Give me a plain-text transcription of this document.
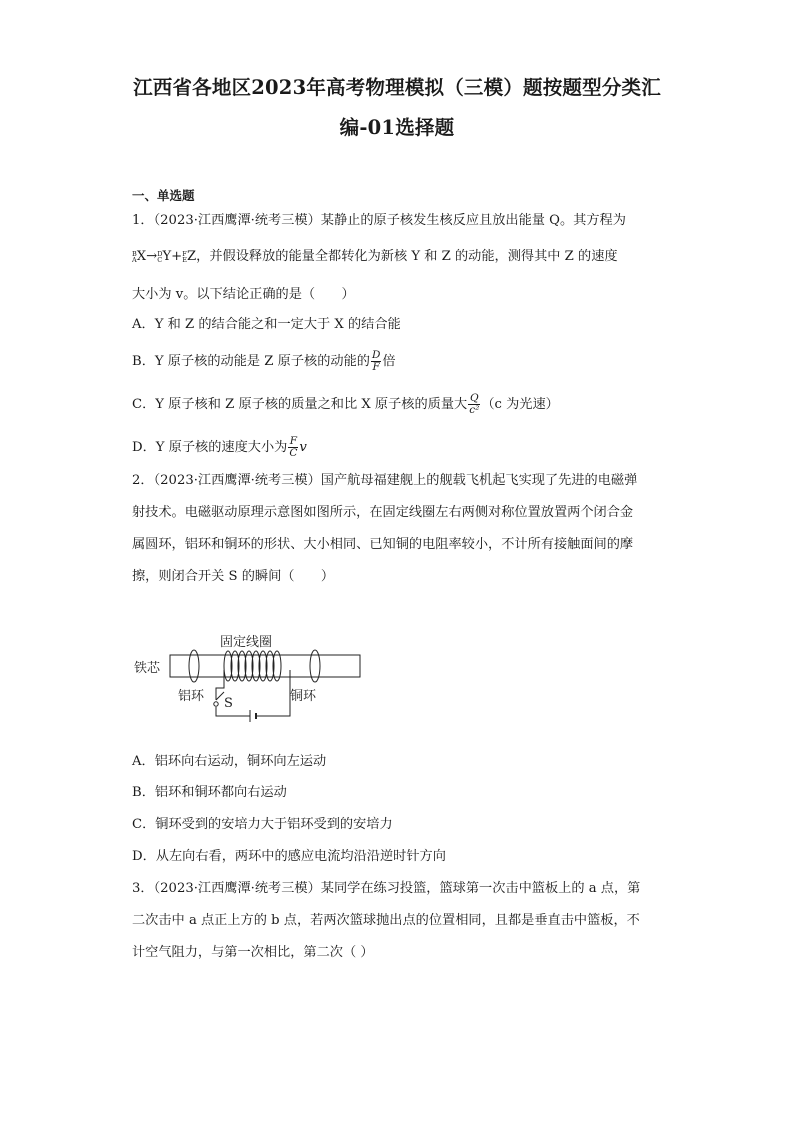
江西省各地区2023年高考物理模拟（三模）题按题型分类汇
编-01选择题
一、单选题
1．（2023·江西鹰潭·统考三模）某静止的原子核发生核反应且放出能量 Q。其方程为
B
A X→ D
C Y+ F
E Z，并假设释放的能量全都转化为新核 Y 和 Z 的动能，测得其中 Z 的速度
大小为 v。以下结论正确的是（　　）
A．Y 和 Z 的结合能之和一定大于 X 的结合能
B．Y 原子核的动能是 Z 原子核的动能的 $\frac{D}{F}$ 倍
C．Y 原子核和 Z 原子核的质量之和比 X 原子核的质量大 $\frac{Q}{\text{c²}} (c$ 为光速）
D．Y 原子核的速度大小为 $\frac{F}{C}$ v
2．（2023·江西鹰潭·统考三模）国产航母福建舰上的舰载飞机起飞实现了先进的电磁弹
射技术。电磁驱动原理示意图如图所示，在固定线圈左右两侧对称位置放置两个闭合金
属圆环，铝环和铜环的形状、大小相同、已知铜的电阻率较小，不计所有接触面间的摩
擦，则闭合开关 S 的瞬间（　　）
固定线圈
铁芯
铝环	铜环
S
A．铝环向右运动，铜环向左运动
B．铝环和铜环都向右运动
C．铜环受到的安培力大于铝环受到的安培力
D．从左向右看，两环中的感应电流均沿沿逆时针方向
3．（2023·江西鹰潭·统考三模）某同学在练习投篮，篮球第一次击中篮板上的 a 点，第
二次击中 a 点正上方的 b 点，若两次篮球抛出点的位置相同，且都是垂直击中篮板，不
计空气阻力，与第一次相比，第二次（ ）
